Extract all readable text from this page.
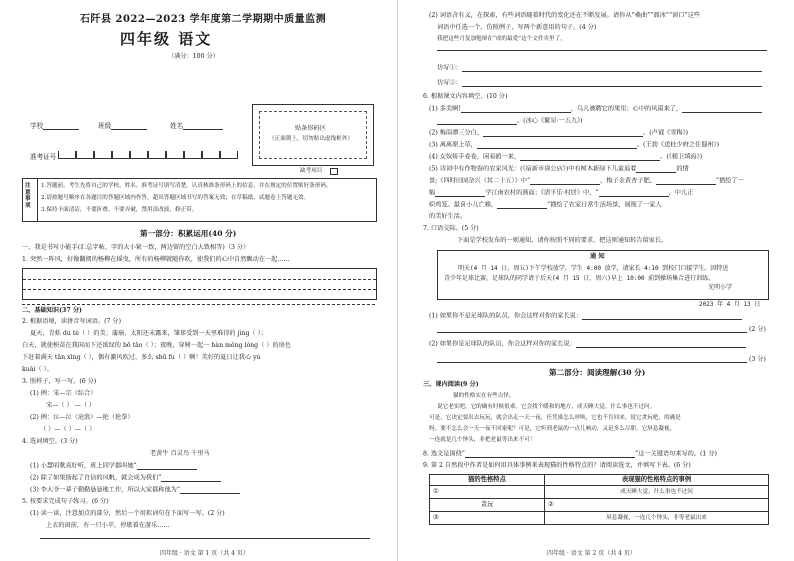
石阡县 2022—2023 学年度第二学期期中质量监测
四年级 语文
（满分：100 分）
学校	班级	姓名
准考证号
贴条形码区
（正面朝上，切勿贴出虚线框外）
缺考项目
注意事项
1.答题前，考生先将自己的学校、姓名、准考证号填写清楚，认真核准条形码上的信息，并在规定的位置贴好条形码。
2.请按题号顺序在各题目的答题区域内作答，超出答题区域书写的答案无效；在草稿纸、试题卷上答题无效。
3.保持卡面清洁，不要折叠、不要弄破，禁用涂改液、修正带。
第一部分：积累运用(40 分)
一、我是书写小能手(汇总字帖，字的大小紧一致，两边留的空白大致相等)（3 分）
1. 突然一阵风，好像翻阅的杨柳在摇曳，所有的杨柳就随你吹，使我们的心中自然飘动在一起……
二、基础知识(37 分)
2. 根据语境，读拼音写词语。(7 分)
夏天，青蛙 dú tè（ ）的美；蒲扇，太阳还未露来，雏荜受到一天里难得的 jìng（ ）；
白天，就使秧苗在我国而下还浓绿的 bō tāo（ ）；夜晚，穿树一起一 hàn měng lóng（ ）的房色
下赶着满天 tān xīng（ ），偶有激风吹过，多么 shū fu（ ）啊！美好的夏日让我心 yú
kuài（ ）。
3. 照样子，写一写。(6 分)
(1) 例：宋—宗（综合）
宋—（ ） —（ ）
(2) 例：泣—泣（沧浪）—抡（抡拳）
（ ）—（ ）—（ ）
4. 选词填空。(3 分)
老黄牛 百灵鸟 千里马
(1) 小慧唱歌真好听，班上同学都叫她“
(2) 除了如果扬起了自信的风帆，就会成为我们“
(3) 李大爷一辈子勤勤恳恳地工作，所以大家都称他为“
5. 按要求完成句子练习。(6 分)
(1) 读一读，注意加点的部分，然后一个用拟词句在下面写一写。(2 分)
上衣的窗前，有一只小苹，停歇着在游乐……
四年级 · 语文 第 1 页（共 4 页）
(2) 词语含有义，在探索，有些词语随着时代的变化还在不断发展。请你从“桑曲”“溜冰”“窗口”这些
词语中任选一个，仿照例子，写两个新意用的句子。(4 分)
我把这些月复加勉辩在“成的最爱”这个文件夹里了。
仿写①：
仿写②：
6. 根据课文内容填空。(10 分)
(1) 多美啊!	，乌儿被聘它的果里；心中的风雨来了，
。(冰心《繁星·一五九》)
(2) 梅雨潭三分白，	。(卢钺《雪梅》)
(3) 离离原上草，	。(王勃《送杜少府之任蜀州》)
(4) 女奴娇手卷卷，闲看鸥一来，	。(《精卫填海》)
(5) 诗词中有作物眷的农家风光：(《宿新市徐公店》)中有树木新绿下儿童追着	的情
景;《四时田园杂兴（其二十五）》中“	，梅子金黄杏子肥。	”描绘了一
幅	学江南农村的画面；《清平乐·村居》中，“	，中儿正
织鸡笼。最喜小儿亡赖，	”描绘了农家日常生活场景，展现了一家人
的美好生活。
7. 口语交际。(5 分)
下面是学校发布的一则通知，请你按照不同的要求，把这则通知转告给家长。
通 知
明天(4 月 14 日，周五)下午学校放学，学生 4:00 放学，请家长 4:10 到校门口接学生。因特送
青少年足球比赛，足球队的同学请于后天(4 月 15 日，周六)早上 10:00 前到操场集合进行训练。
光明小学
2023 年 4 月 13 日
(1) 如果你不是足球队的队员，你会这样对你的家长说：
(2 分)
(2) 如果你是足球队的队员，你会这样对你的家长说：
(3 分)
第二部分：阅读理解(30 分)
三、课内阅读(9 分)
猫的性格实在有些古怪。
说它老实吧，它的确有时候很乖。它会找个暖和的地方，成天睡大觉，什么事也不过问。
可是，它决定要出去玩玩，就会出走一天一夜，任凭谁怎么呼唤，它也不肯回来。说它贪玩吧，的确是
呀，要不怎么会一天一夜不回家呢？可是，它听到老鼠的一点儿响动，又是多么尽职。它屏息凝视，
一连就是几个钟头，非把老鼠等出来不可！
8. 选文是围绕“	”这一关键语句来写的。(1 分)
9. 第 2 自然段中作者是如何用具体事例来表现猫的性格特点的？请阅读选文，并填写下表。(6 分)
猫的性格特点	表现猫的性格特点的事例
①	成天睡大觉，什么事也不过问
贪玩	②
③	屏息凝视，一连几个钟头，非等老鼠出来
四年级 · 语文 第 2 页（共 4 页）
